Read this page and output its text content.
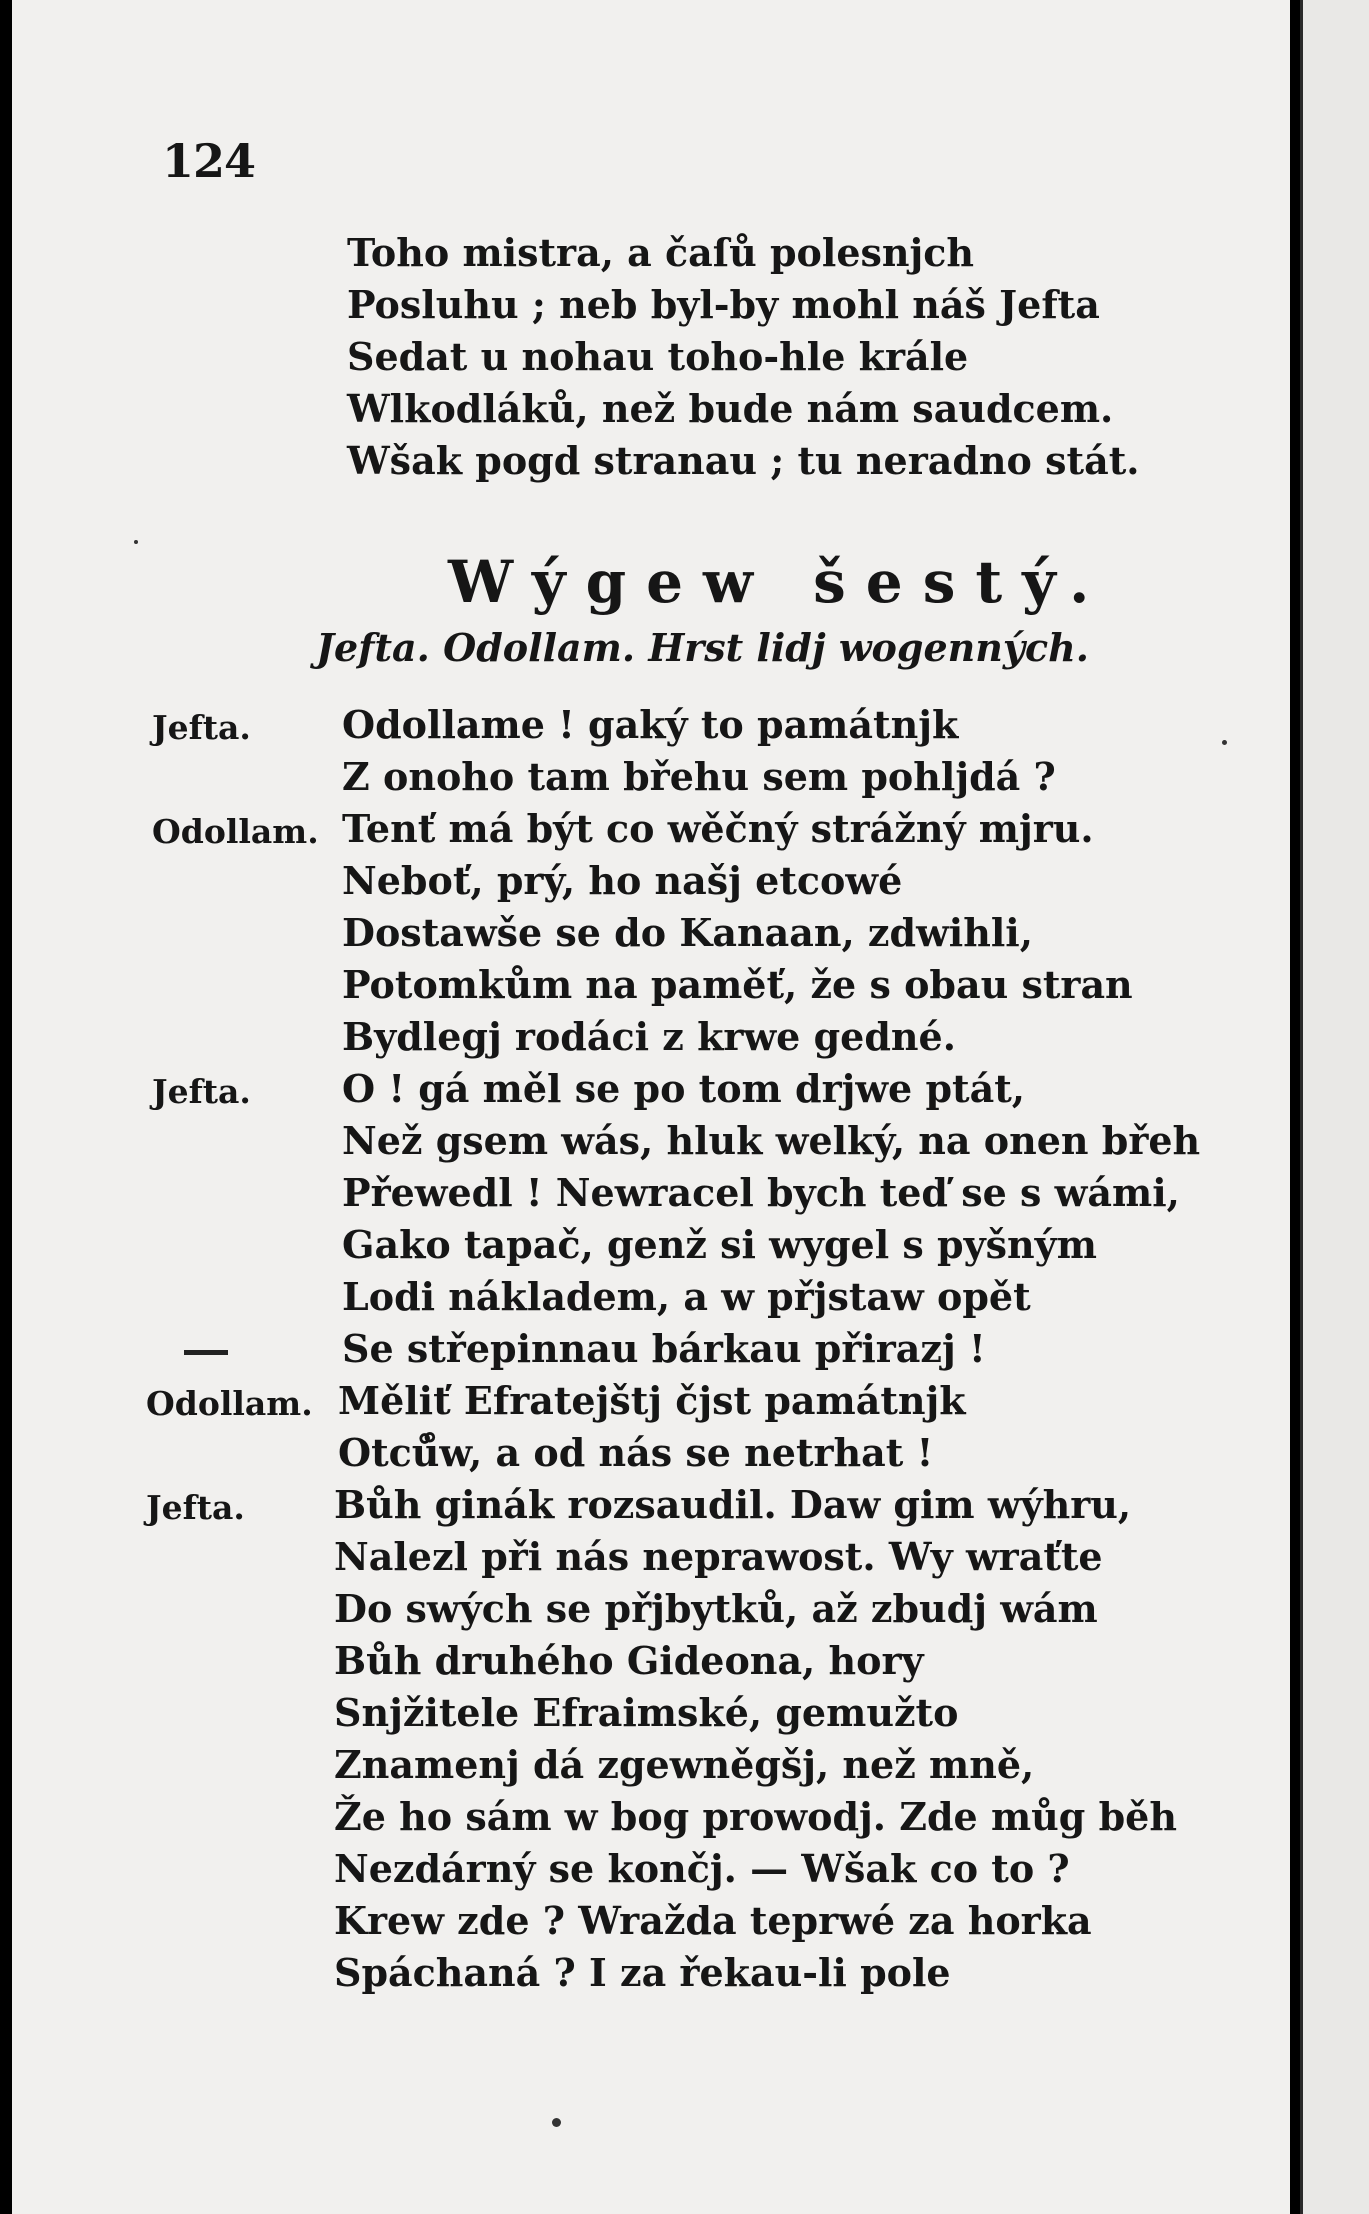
124
Toho mistra, a čaſů polesnjch
Posluhu ; neb byl-by mohl náš Jefta
Sedat u nohau toho-hle krále
Wlkodláků, než bude nám saudcem.
Wšak pogd stranau ; tu neradno stát.
Wýgew šestý.
Jefta. Odollam. Hrst lidj wogenných.
Jefta. Odollame ! gaký to památnjk
Z onoho tam břehu sem pohljdá ?
Odollam. Tenť má být co wěčný strážný mjru.
Neboť, prý, ho našj etcowé
Dostawše se do Kanaan, zdwihli,
Potomkům na paměť, že s obau stran
Bydlegj rodáci z krwe gedné.
Jefta. O ! gá měl se po tom drjwe ptát,
Než gsem wás, hluk welký, na onen břeh
Přewedl ! Newracel bych teď se s wámi,
Gako tapač, genž si wygel s pyšným
Lodi nákladem, a w přjstaw opět
Se střepinnau bárkau přirazj !
Odollam. Měliť Efratejštj čjst památnjk
Otců̊w, a od nás se netrhat !
Jefta. Bůh ginák rozsaudil. Daw gim wýhru,
Nalezl při nás neprawost. Wy wraťte
Do swých se přjbytků, až zbudj wám
Bůh druhého Gideona, hory
Snjžitele Efraimské, gemužto
Znamenj dá zgewněgšj, než mně,
Že ho sám w bog prowodj. Zde můg běh
Nezdárný se končj. — Wšak co to ?
Krew zde ? Wražda teprwé za horka
Spáchaná ? I za řekau-li pole
